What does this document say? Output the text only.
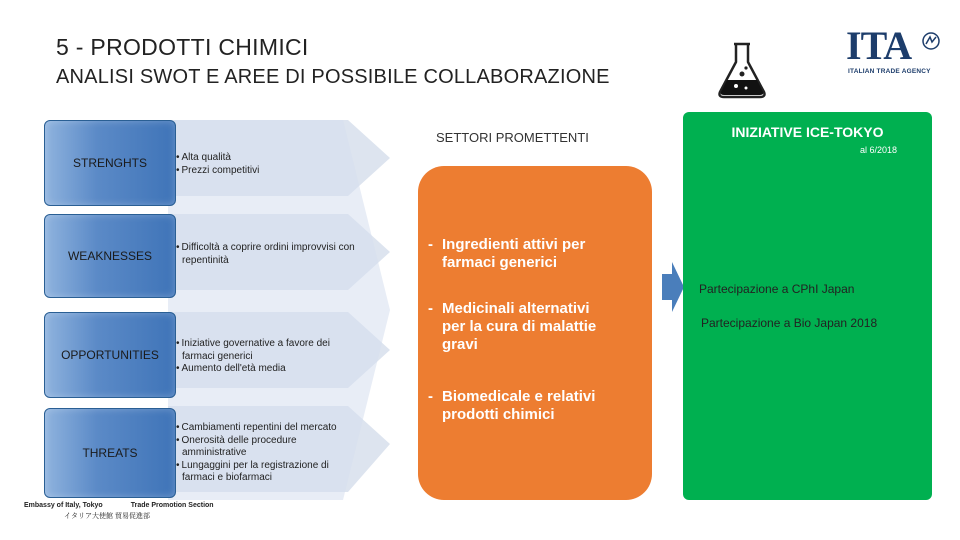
5 - PRODOTTI CHIMICI
ANALISI SWOT E AREE DI POSSIBILE COLLABORAZIONE
ITA
ITALIAN TRADE AGENCY
STRENGHTS
WEAKNESSES
OPPORTUNITIES
THREATS
• Alta qualità
• Prezzi competitivi
• Difficoltà a coprire ordini improvvisi con repentinità
• Iniziative governative a favore dei farmaci generici
• Aumento dell'età media
• Cambiamenti repentini del mercato
• Onerosità delle procedure amministrative
• Lungaggini per la registrazione di farmaci e biofarmaci
SETTORI PROMETTENTI
- Ingredienti attivi per
farmaci generici
- Medicinali alternativi
per la cura di malattie
gravi
- Biomedicale e relativi
prodotti chimici
INIZIATIVE ICE-TOKYO
al 6/2018
Partecipazione a CPhI Japan
Partecipazione a Bio Japan 2018
Embassy of Italy, Tokyo	Trade Promotion Section
イタリア大使館 貿易促進部
